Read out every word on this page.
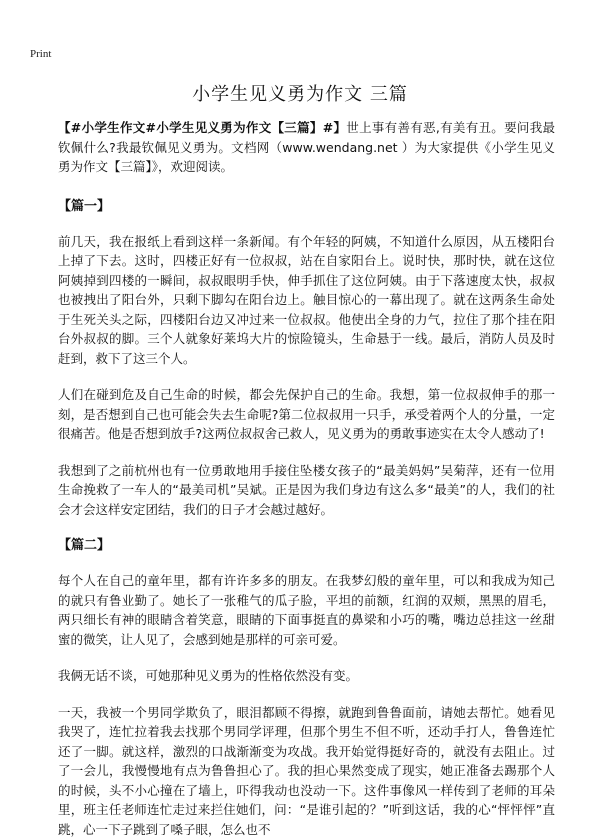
Print
小学生见义勇为作文 三篇

【#小学生作文#小学生见义勇为作文【三篇】#】世上事有善有恶,有美有丑。要问我最钦佩什么?我最钦佩见义勇为。文档网（www.wendang.net ）为大家提供《小学生见义勇为作文【三篇】》，欢迎阅读。

【篇一】

前几天，我在报纸上看到这样一条新闻。有个年轻的阿姨，不知道什么原因，从五楼阳台上掉了下去。这时，四楼正好有一位叔叔，站在自家阳台上。说时快，那时快，就在这位阿姨掉到四楼的一瞬间，叔叔眼明手快，伸手抓住了这位阿姨。由于下落速度太快，叔叔也被拽出了阳台外，只剩下脚勾在阳台边上。触目惊心的一幕出现了。就在这两条生命处于生死关头之际，四楼阳台边又冲过来一位叔叔。他使出全身的力气，拉住了那个挂在阳台外叔叔的脚。三个人就象好莱坞大片的惊险镜头，生命悬于一线。最后，消防人员及时赶到，救下了这三个人。

人们在碰到危及自己生命的时候，都会先保护自己的生命。我想，第一位叔叔伸手的那一刻，是否想到自己也可能会失去生命呢?第二位叔叔用一只手，承受着两个人的分量，一定很痛苦。他是否想到放手?这两位叔叔舍己救人，见义勇为的勇敢事迹实在太令人感动了!

我想到了之前杭州也有一位勇敢地用手接住坠楼女孩子的“最美妈妈”吴菊萍，还有一位用生命挽救了一车人的“最美司机”吴斌。正是因为我们身边有这么多“最美”的人，我们的社会才会这样安定团结，我们的日子才会越过越好。

【篇二】

每个人在自己的童年里，都有许许多多的朋友。在我梦幻般的童年里，可以和我成为知己的就只有鲁业勤了。她长了一张稚气的瓜子脸，平坦的前额，红润的双颊，黑黑的眉毛，两只细长有神的眼睛含着笑意，眼睛的下面事挺直的鼻梁和小巧的嘴，嘴边总挂这一丝甜蜜的微笑，让人见了，会感到她是那样的可亲可爱。

我俩无话不谈，可她那种见义勇为的性格依然没有变。

一天，我被一个男同学欺负了，眼泪都顾不得擦，就跑到鲁鲁面前，请她去帮忙。她看见我哭了，连忙拉着我去找那个男同学评理，但那个男生不但不听，还动手打人，鲁鲁连忙还了一脚。就这样，激烈的口战渐渐变为攻战。我开始觉得挺好奇的，就没有去阻止。过了一会儿，我慢慢地有点为鲁鲁担心了。我的担心果然变成了现实，她正准备去踢那个人的时候，头不小心撞在了墙上，吓得我动也没动一下。这件事像风一样传到了老师的耳朵里，班主任老师连忙走过来拦住她们，问：“是谁引起的？”听到这话，我的心“怦怦怦”直跳，心一下子跳到了嗓子眼，怎么也不
